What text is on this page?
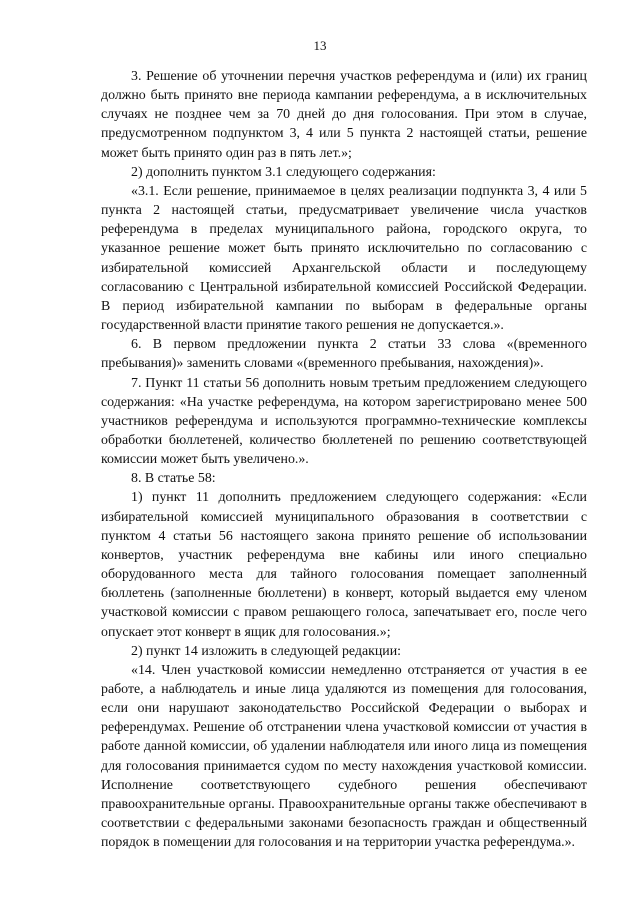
13

3. Решение об уточнении перечня участков референдума и (или) их границ должно быть принято вне периода кампании референдума, а в исключительных случаях не позднее чем за 70 дней до дня голосования. При этом в случае, предусмотренном подпунктом 3, 4 или 5 пункта 2 настоящей статьи, решение может быть принято один раз в пять лет.»;

2) дополнить пунктом 3.1 следующего содержания:

«3.1. Если решение, принимаемое в целях реализации подпункта 3, 4 или 5 пункта 2 настоящей статьи, предусматривает увеличение числа участков референдума в пределах муниципального района, городского округа, то указанное решение может быть принято исключительно по согласованию с избирательной комиссией Архангельской области и последующему согласованию с Центральной избирательной комиссией Российской Федерации. В период избирательной кампании по выборам в федеральные органы государственной власти принятие такого решения не допускается.».

6. В первом предложении пункта 2 статьи 33 слова «(временного пребывания)» заменить словами «(временного пребывания, нахождения)».

7. Пункт 11 статьи 56 дополнить новым третьим предложением следующего содержания: «На участке референдума, на котором зарегистрировано менее 500 участников референдума и используются программно-технические комплексы обработки бюллетеней, количество бюллетеней по решению соответствующей комиссии может быть увеличено.».

8. В статье 58:

1) пункт 11 дополнить предложением следующего содержания: «Если избирательной комиссией муниципального образования в соответствии с пунктом 4 статьи 56 настоящего закона принято решение об использовании конвертов, участник референдума вне кабины или иного специально оборудованного места для тайного голосования помещает заполненный бюллетень (заполненные бюллетени) в конверт, который выдается ему членом участковой комиссии с правом решающего голоса, запечатывает его, после чего опускает этот конверт в ящик для голосования.»;

2) пункт 14 изложить в следующей редакции:

«14. Член участковой комиссии немедленно отстраняется от участия в ее работе, а наблюдатель и иные лица удаляются из помещения для голосования, если они нарушают законодательство Российской Федерации о выборах и референдумах. Решение об отстранении члена участковой комиссии от участия в работе данной комиссии, об удалении наблюдателя или иного лица из помещения для голосования принимается судом по месту нахождения участковой комиссии. Исполнение соответствующего судебного решения обеспечивают правоохранительные органы. Правоохранительные органы также обеспечивают в соответствии с федеральными законами безопасность граждан и общественный порядок в помещении для голосования и на территории участка референдума.».
